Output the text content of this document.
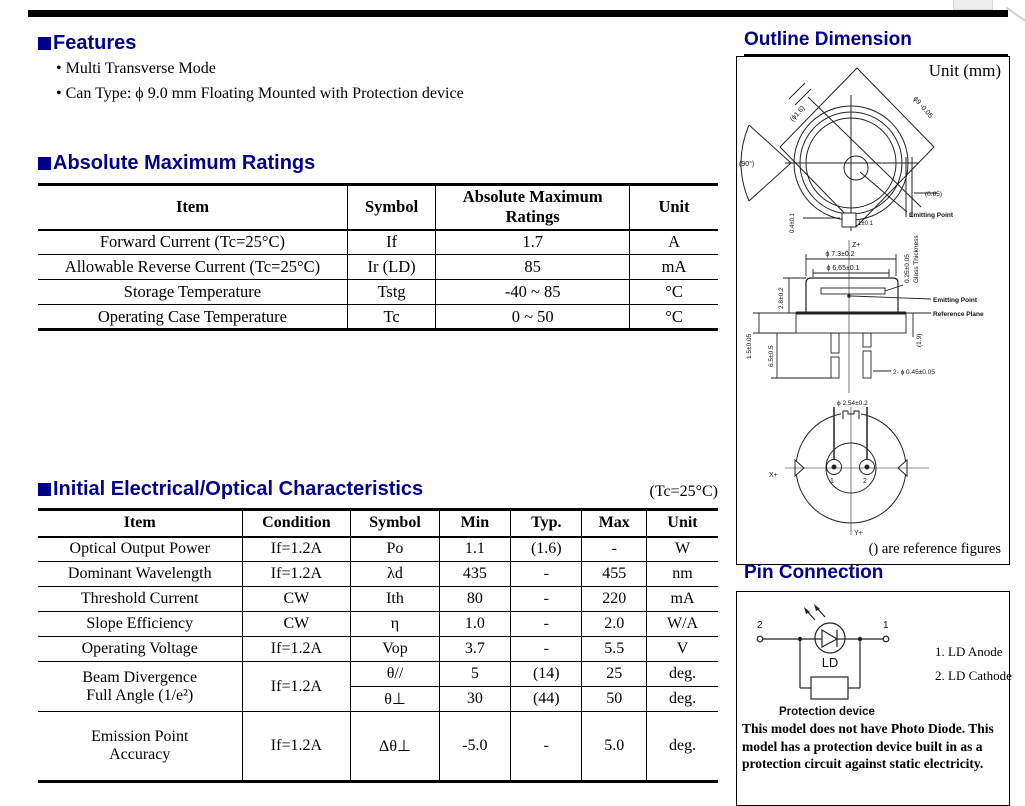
Features
• Multi Transverse Mode
• Can Type: ϕ 9.0 mm Floating Mounted with Protection device
Absolute Maximum Ratings
Item	Symbol	Absolute Maximum Ratings	Unit
Forward Current (Tc=25°C)	If	1.7	A
Allowable Reverse Current (Tc=25°C)	Ir (LD)	85	mA
Storage Temperature	Tstg	-40 ~ 85	°C
Operating Case Temperature	Tc	0 ~ 50	°C
Initial Electrical/Optical Characteristics	(Tc=25°C)
Item	Condition	Symbol	Min	Typ.	Max	Unit
Optical Output Power	If=1.2A	Po	1.1	(1.6)	-	W
Dominant Wavelength	If=1.2A	λd	435	-	455	nm
Threshold Current	CW	Ith	80	-	220	mA
Slope Efficiency	CW	η	1.0	-	2.0	W/A
Operating Voltage	If=1.2A	Vop	3.7	-	5.5	V

Beam Divergence
Full Angle (1/e²)	If=1.2A	θ//	5	(14)	25	deg.
		θ⊥	30	(44)	50	deg.

Emission Point
Accuracy	If=1.2A	Δθ⊥	-5.0	-	5.0	deg.
Outline Dimension
Unit (mm)
(ϕ1.6)	ϕ9 -0.05
(90°)
(0.65)
Emitting Point
1±0.1
0.4±0.1
Z+
ϕ 7.3±0.2
ϕ 6.65±0.1	0.25±0.05 Glass Thickness
2.8±0.2	Emitting Point
Reference Plane
(1.9)
1.5±0.05 6.5±0.5
2- ϕ 0.45±0.05
ϕ 2.54±0.2
X+
Y+
1	2
() are reference figures
Pin Connection
2	1
LD
Protection device
1. LD Anode
2. LD Cathode
This model does not have Photo Diode. This model has a protection device built in as a protection circuit against static electricity.
